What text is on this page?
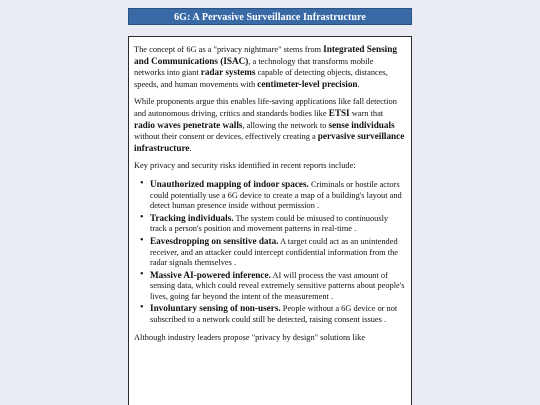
6G: A Pervasive Surveillance Infrastructure

The concept of 6G as a "privacy nightmare" stems from Integrated Sensing and Communications (ISAC), a technology that transforms mobile networks into giant radar systems capable of detecting objects, distances, speeds, and human movements with centimeter-level precision.

While proponents argue this enables life-saving applications like fall detection and autonomous driving, critics and standards bodies like ETSI warn that radio waves penetrate walls, allowing the network to sense individuals without their consent or devices, effectively creating a pervasive surveillance infrastructure.

Key privacy and security risks identified in recent reports include:

• Unauthorized mapping of indoor spaces. Criminals or hostile actors could potentially use a 6G device to create a map of a building's layout and detect human presence inside without permission .
• Tracking individuals. The system could be misused to continuously track a person's position and movement patterns in real-time .
• Eavesdropping on sensitive data. A target could act as an unintended receiver, and an attacker could intercept confidential information from the radar signals themselves .
• Massive AI-powered inference. AI will process the vast amount of sensing data, which could reveal extremely sensitive patterns about people's lives, going far beyond the intent of the measurement .
• Involuntary sensing of non-users. People without a 6G device or not subscribed to a network could still be detected, raising consent issues .

Although industry leaders propose "privacy by design" solutions like
